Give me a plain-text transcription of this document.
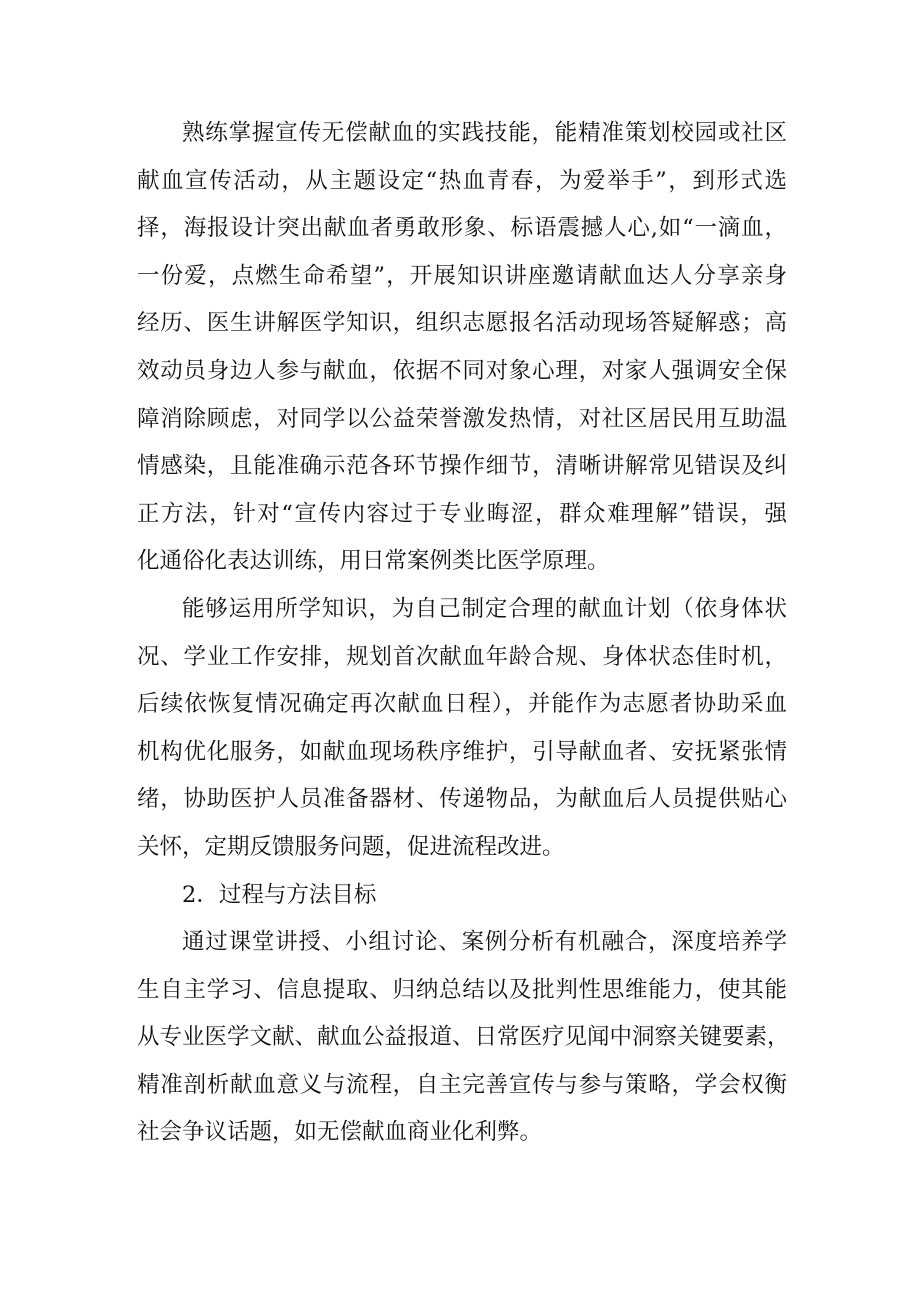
熟练掌握宣传无偿献血的实践技能，能精准策划校园或社区
献血宣传活动，从主题设定“热血青春，为爱举手”，到形式选
择，海报设计突出献血者勇敢形象、标语震撼人心,如“一滴血，
一份爱，点燃生命希望”，开展知识讲座邀请献血达人分享亲身
经历、医生讲解医学知识，组织志愿报名活动现场答疑解惑；高
效动员身边人参与献血，依据不同对象心理，对家人强调安全保
障消除顾虑，对同学以公益荣誉激发热情，对社区居民用互助温
情感染，且能准确示范各环节操作细节，清晰讲解常见错误及纠
正方法，针对“宣传内容过于专业晦涩，群众难理解”错误，强
化通俗化表达训练，用日常案例类比医学原理。

能够运用所学知识，为自己制定合理的献血计划（依身体状
况、学业工作安排，规划首次献血年龄合规、身体状态佳时机，
后续依恢复情况确定再次献血日程），并能作为志愿者协助采血
机构优化服务，如献血现场秩序维护，引导献血者、安抚紧张情
绪，协助医护人员准备器材、传递物品，为献血后人员提供贴心
关怀，定期反馈服务问题，促进流程改进。

2．过程与方法目标

通过课堂讲授、小组讨论、案例分析有机融合，深度培养学
生自主学习、信息提取、归纳总结以及批判性思维能力，使其能
从专业医学文献、献血公益报道、日常医疗见闻中洞察关键要素，
精准剖析献血意义与流程，自主完善宣传与参与策略，学会权衡
社会争议话题，如无偿献血商业化利弊。
